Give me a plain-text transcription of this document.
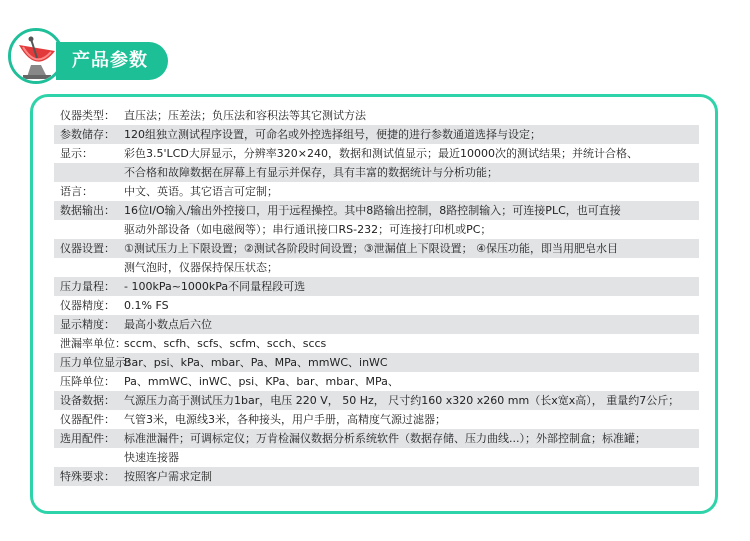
产品参数
仪器类型： 直压法；压差法；负压法和容积法等其它测试方法
参数储存： 120组独立测试程序设置，可命名或外控选择组号，便捷的进行参数通道选择与设定；
显示：	彩色3.5'LCD大屏显示，分辨率320×240，数据和测试值显示；最近10000次的测试结果；并统计合格、
不合格和故障数据在屏幕上有显示并保存，具有丰富的数据统计与分析功能；
语言：	中文、英语。其它语言可定制；
数据输出： 16位I/O输入/输出外控接口，用于远程操控。其中8路输出控制，8路控制输入；可连接PLC，也可直接
驱动外部设备（如电磁阀等）；串行通讯接口RS-232；可连接打印机或PC；
仪器设置： ①测试压力上下限设置；②测试各阶段时间设置；③泄漏值上下限设置； ④保压功能，即当用肥皂水目
测气泡时，仪器保持保压状态；
压力量程： - 100kPa~1000kPa不同量程段可选
仪器精度： 0.1% FS
显示精度： 最高小数点后六位
泄漏率单位：
sccm、scfh、scfs、scfm、scch、sccs
压力单位显示：
Bar、psi、kPa、mbar、Pa、MPa、mmWC、inWC
压降单位： Pa、mmWC、inWC、psi、KPa、bar、mbar、MPa、
设备数据： 气源压力高于测试压力1bar，电压 220 V， 50 Hz， 尺寸约160 x320 x260 mm（长x宽x高）， 重量约7公斤；
仪器配件： 气管3米，电源线3米，各种接头，用户手册，高精度气源过滤器；
选用配件： 标准泄漏件；可调标定仪；万肯检漏仪数据分析系统软件（数据存储、压力曲线...）；外部控制盒；标准罐；
快速连接器
特殊要求： 按照客户需求定制
